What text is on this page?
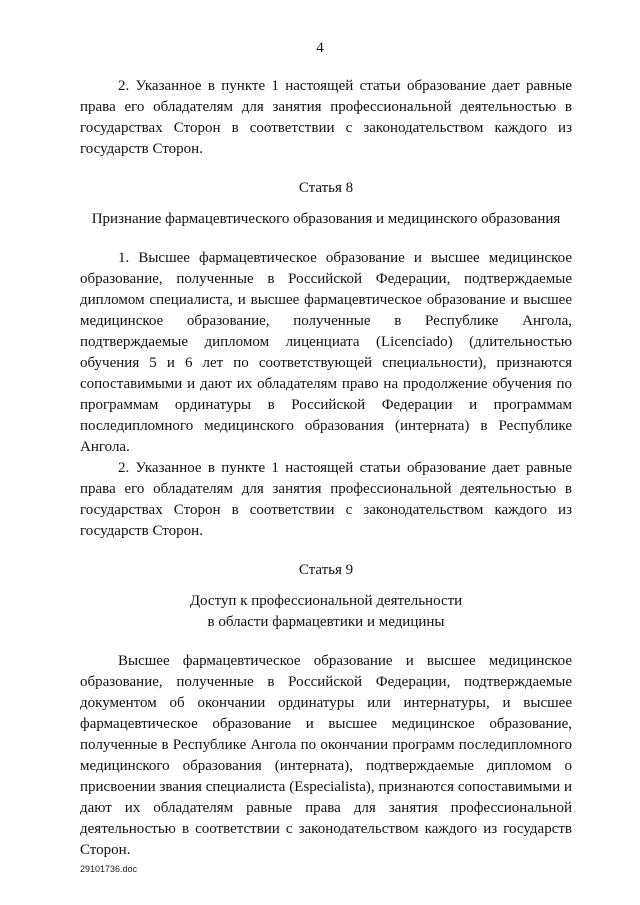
4

2. Указанное в пункте 1 настоящей статьи образование дает равные права его обладателям для занятия профессиональной деятельностью в государствах Сторон в соответствии с законодательством каждого из государств Сторон.

Статья 8

Признание фармацевтического образования и медицинского образования

1. Высшее фармацевтическое образование и высшее медицинское образование, полученные в Российской Федерации, подтверждаемые дипломом специалиста, и высшее фармацевтическое образование и высшее медицинское образование, полученные в Республике Ангола, подтверждаемые дипломом лиценциата (Licenciado) (длительностью обучения 5 и 6 лет по соответствующей специальности), признаются сопоставимыми и дают их обладателям право на продолжение обучения по программам ординатуры в Российской Федерации и программам последипломного медицинского образования (интерната) в Республике Ангола.

2. Указанное в пункте 1 настоящей статьи образование дает равные права его обладателям для занятия профессиональной деятельностью в государствах Сторон в соответствии с законодательством каждого из государств Сторон.

Статья 9

Доступ к профессиональной деятельности
в области фармацевтики и медицины

Высшее фармацевтическое образование и высшее медицинское образование, полученные в Российской Федерации, подтверждаемые документом об окончании ординатуры или интернатуры, и высшее фармацевтическое образование и высшее медицинское образование, полученные в Республике Ангола по окончании программ последипломного медицинского образования (интерната), подтверждаемые дипломом о присвоении звания специалиста (Especialista), признаются сопоставимыми и дают их обладателям равные права для занятия профессиональной деятельностью в соответствии с законодательством каждого из государств Сторон.

29101736.doc
